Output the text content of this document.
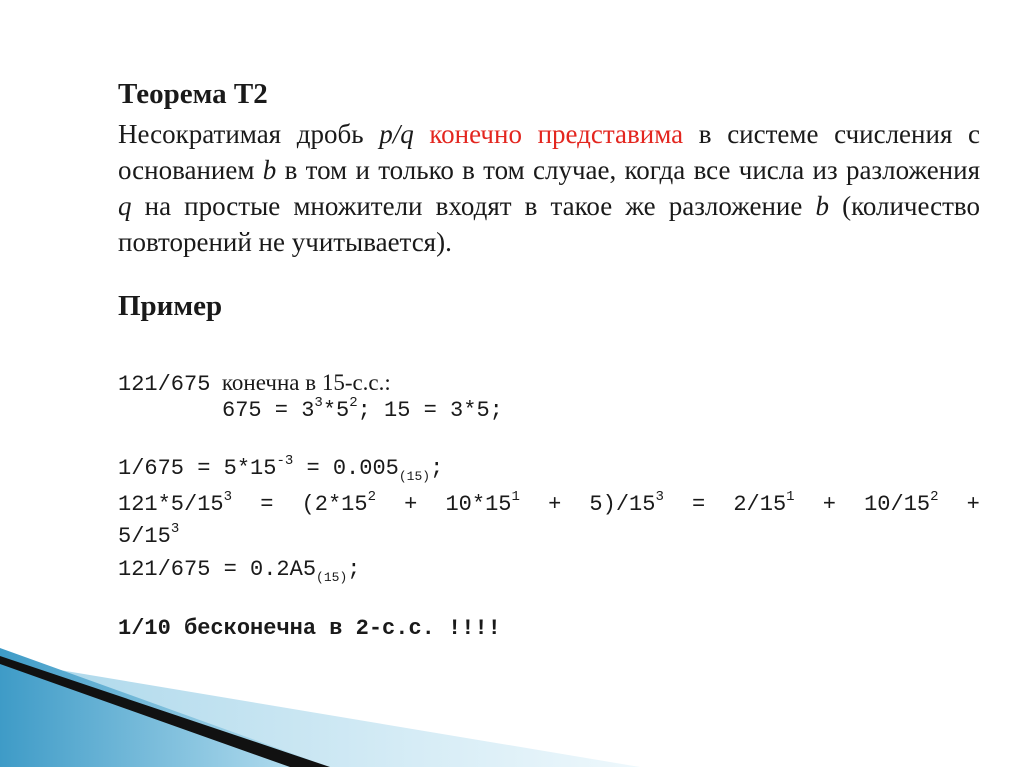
Теорема Т2

Несократимая дробь p/q конечно представима в системе счисления с основанием b в том и только в том случае, когда все числа из разложения q на простые множители входят в такое же разложение b (количество повторений не учитывается).

Пример
121/675  конечна в 15-с.с.:
$675 = 3^3*5^2$; 15 = 3*5;
$1/675 = 5*15^{-3} = 0.005_{(15)}$;
$121*5/15^3 = (2*15^2 + 10*15^1 + 5)/15^3 = 2/15^1 + 10/15^2$ +
$5/15^3$
$121/675 = 0.2A5_{(15)}$;
1/10 бесконечна в 2-с.с. !!!!
